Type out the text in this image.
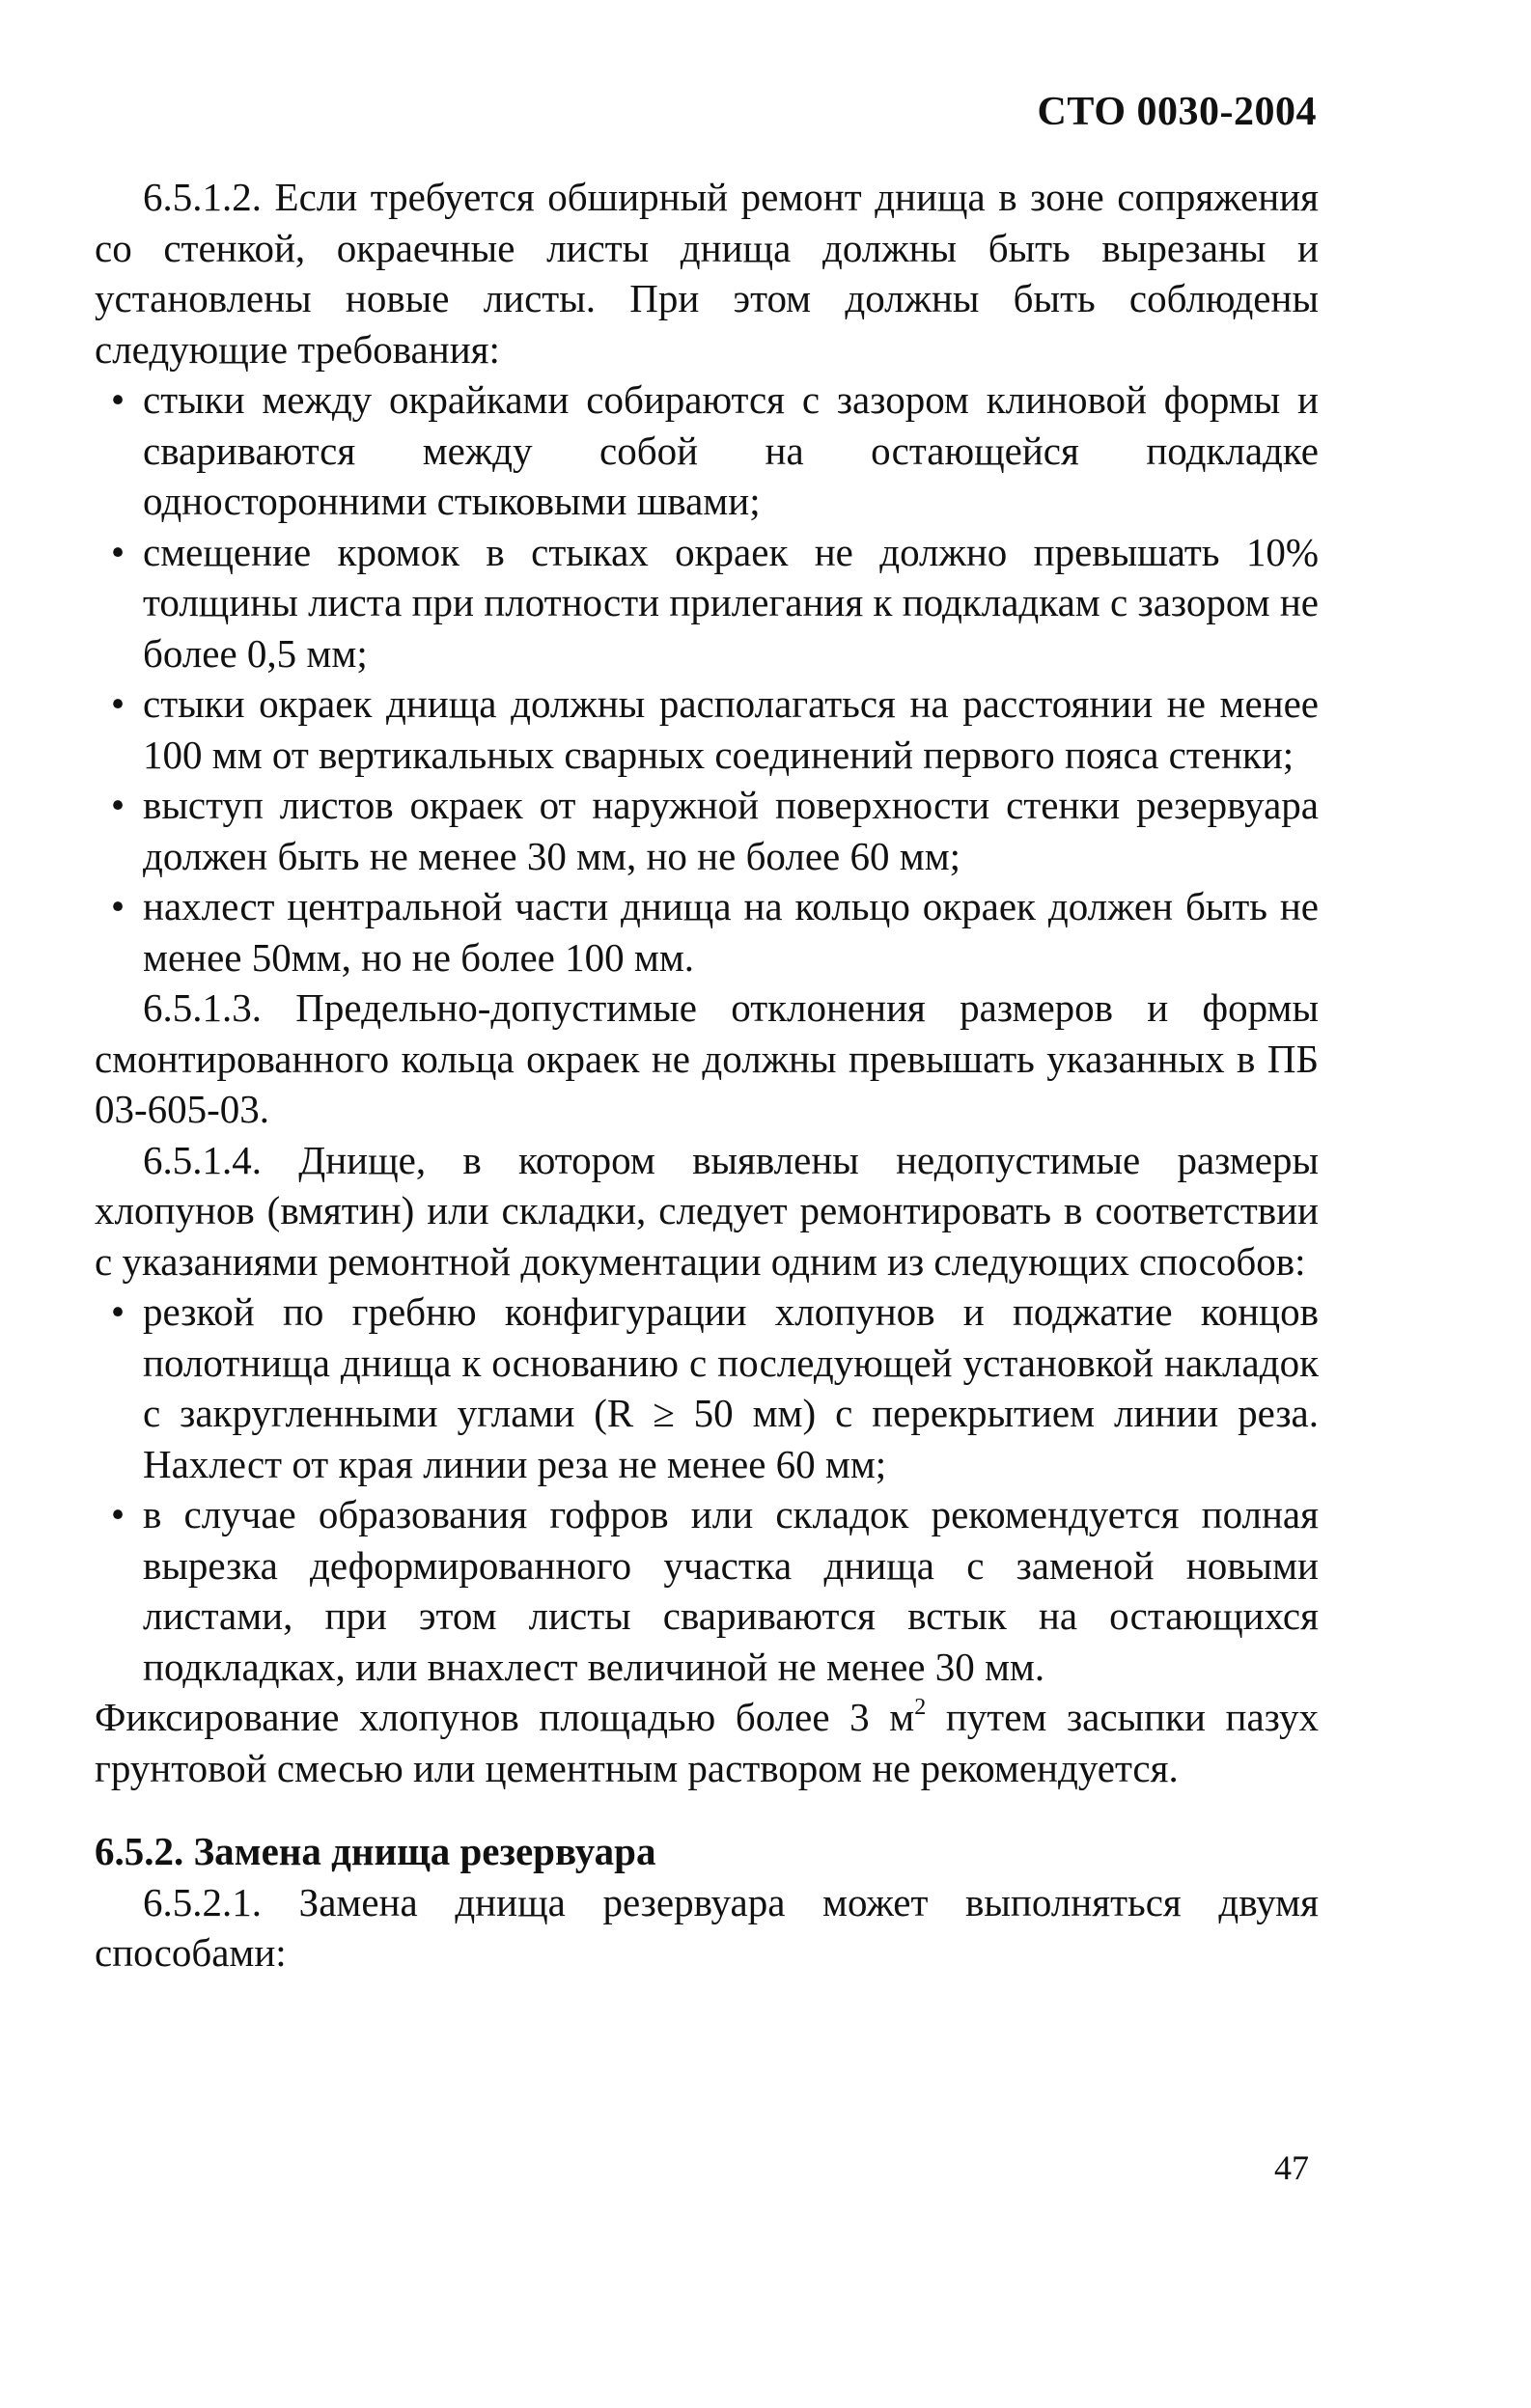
СТО 0030-2004

6.5.1.2. Если требуется обширный ремонт днища в зоне сопряжения со стенкой, окраечные листы днища должны быть вырезаны и установлены новые листы. При этом должны быть соблюдены следующие требования:

• стыки между окрайками собираются с зазором клиновой формы и свариваются между собой на остающейся подкладке односторонними стыковыми швами;
• смещение кромок в стыках окраек не должно превышать 10% толщины листа при плотности прилегания к подкладкам с зазором не более 0,5 мм;
• стыки окраек днища должны располагаться на расстоянии не менее 100 мм от вертикальных сварных соединений первого пояса стенки;
• выступ листов окраек от наружной поверхности стенки резервуара должен быть не менее 30 мм, но не более 60 мм;
• нахлест центральной части днища на кольцо окраек должен быть не менее 50мм, но не более 100 мм.

6.5.1.3. Предельно-допустимые отклонения размеров и формы смонтированного кольца окраек не должны превышать указанных в ПБ 03-605-03.

6.5.1.4. Днище, в котором выявлены недопустимые размеры хлопунов (вмятин) или складки, следует ремонтировать в соответствии с указаниями ремонтной документации одним из следующих способов:

• резкой по гребню конфигурации хлопунов и поджатие концов полотнища днища к основанию с последующей установкой накладок с закругленными углами (R ≥ 50 мм) с перекрытием линии реза. Нахлест от края линии реза не менее 60 мм;
• в случае образования гофров или складок рекомендуется полная вырезка деформированного участка днища с заменой новыми листами, при этом листы свариваются встык на остающихся подкладках, или внахлест величиной не менее 30 мм.

Фиксирование хлопунов площадью более 3 $м^2$ путем засыпки пазух грунтовой смесью или цементным раствором не рекомендуется.

6.5.2. Замена днища резервуара

6.5.2.1. Замена днища резервуара может выполняться двумя способами:

47
